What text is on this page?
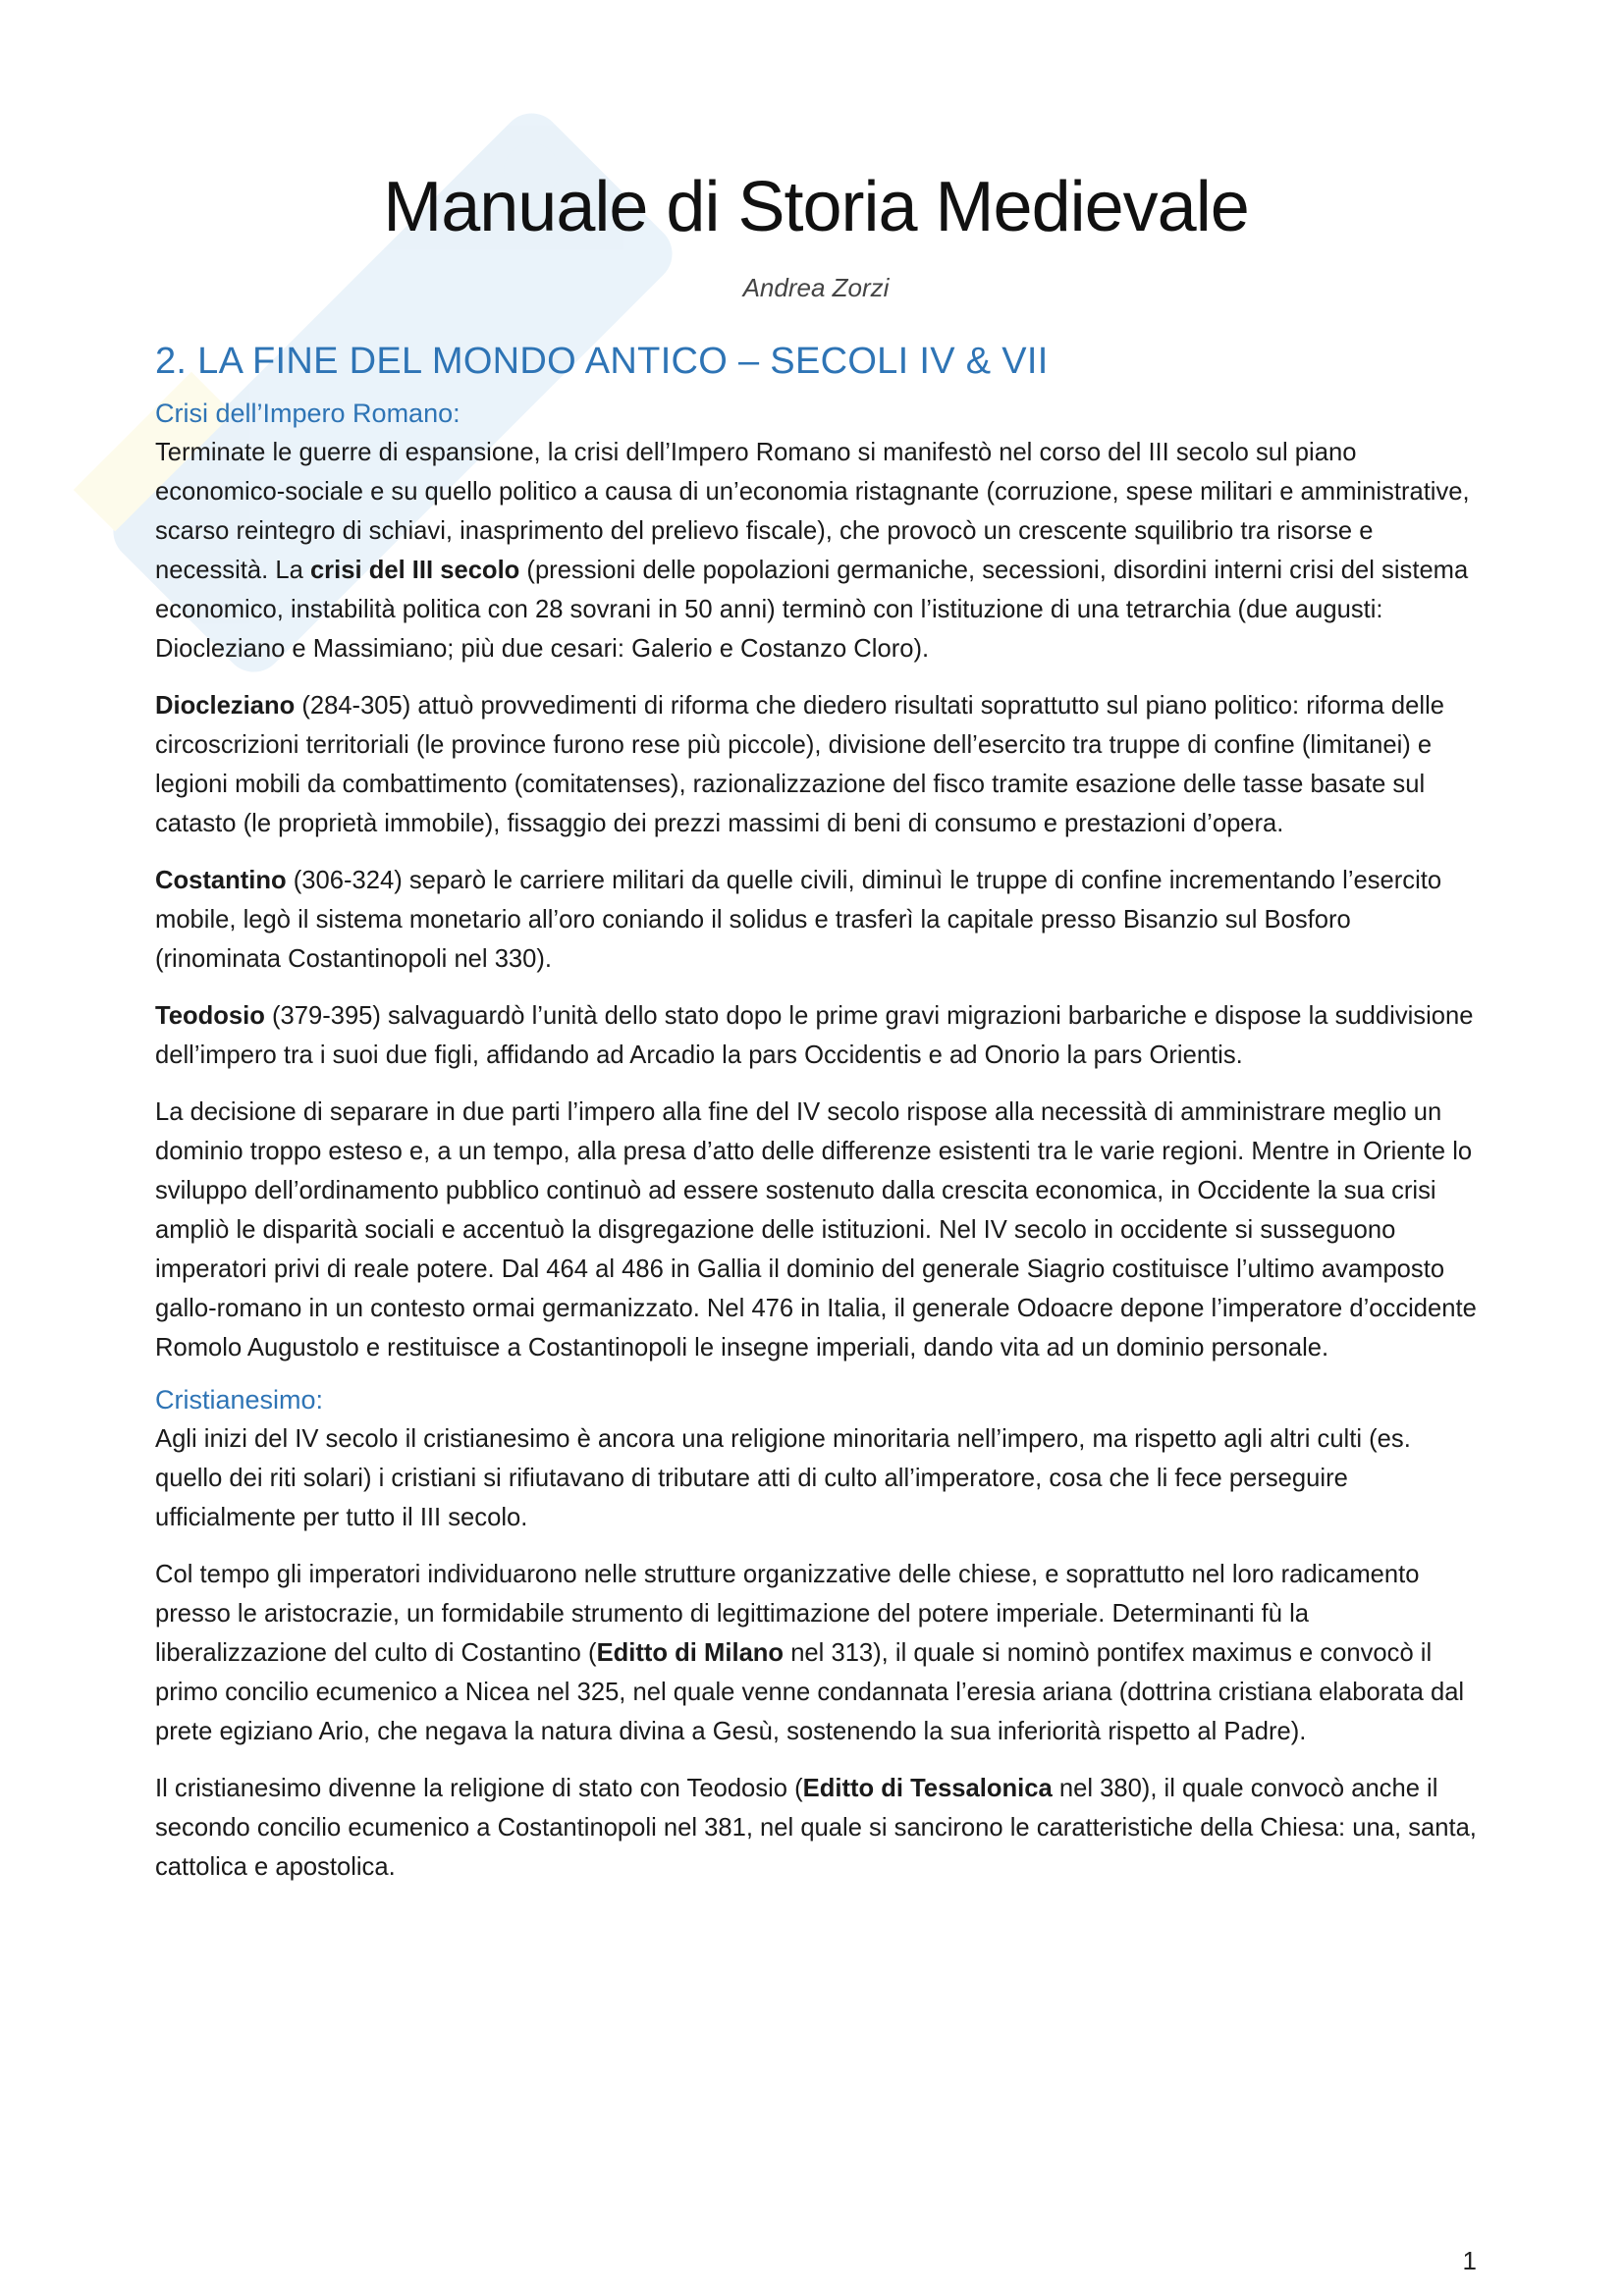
Manuale di Storia Medievale
Andrea Zorzi
2. LA FINE DEL MONDO ANTICO – SECOLI IV & VII
Crisi dell’Impero Romano:

Terminate le guerre di espansione, la crisi dell’Impero Romano si manifestò nel corso del III secolo sul piano economico-sociale e su quello politico a causa di un’economia ristagnante (corruzione, spese militari e amministrative, scarso reintegro di schiavi, inasprimento del prelievo fiscale), che provocò un crescente squilibrio tra risorse e necessità. La crisi del III secolo (pressioni delle popolazioni germaniche, secessioni, disordini interni crisi del sistema economico, instabilità politica con 28 sovrani in 50 anni) terminò con l’istituzione di una tetrarchia (due augusti: Diocleziano e Massimiano; più due cesari: Galerio e Costanzo Cloro).

Diocleziano (284-305) attuò provvedimenti di riforma che diedero risultati soprattutto sul piano politico: riforma delle circoscrizioni territoriali (le province furono rese più piccole), divisione dell’esercito tra truppe di confine (limitanei) e legioni mobili da combattimento (comitatenses), razionalizzazione del fisco tramite esazione delle tasse basate sul catasto (le proprietà immobile), fissaggio dei prezzi massimi di beni di consumo e prestazioni d’opera.

Costantino (306-324) separò le carriere militari da quelle civili, diminuì le truppe di confine incrementando l’esercito mobile, legò il sistema monetario all’oro coniando il solidus e trasferì la capitale presso Bisanzio sul Bosforo (rinominata Costantinopoli nel 330).

Teodosio (379-395) salvaguardò l’unità dello stato dopo le prime gravi migrazioni barbariche e dispose la suddivisione dell’impero tra i suoi due figli, affidando ad Arcadio la pars Occidentis e ad Onorio la pars Orientis.

La decisione di separare in due parti l’impero alla fine del IV secolo rispose alla necessità di amministrare meglio un dominio troppo esteso e, a un tempo, alla presa d’atto delle differenze esistenti tra le varie regioni. Mentre in Oriente lo sviluppo dell’ordinamento pubblico continuò ad essere sostenuto dalla crescita economica, in Occidente la sua crisi ampliò le disparità sociali e accentuò la disgregazione delle istituzioni. Nel IV secolo in occidente si susseguono imperatori privi di reale potere. Dal 464 al 486 in Gallia il dominio del generale Siagrio costituisce l’ultimo avamposto gallo-romano in un contesto ormai germanizzato. Nel 476 in Italia, il generale Odoacre depone l’imperatore d’occidente Romolo Augustolo e restituisce a Costantinopoli le insegne imperiali, dando vita ad un dominio personale.

Cristianesimo:

Agli inizi del IV secolo il cristianesimo è ancora una religione minoritaria nell’impero, ma rispetto agli altri culti (es. quello dei riti solari) i cristiani si rifiutavano di tributare atti di culto all’imperatore, cosa che li fece perseguire ufficialmente per tutto il III secolo.

Col tempo gli imperatori individuarono nelle strutture organizzative delle chiese, e soprattutto nel loro radicamento presso le aristocrazie, un formidabile strumento di legittimazione del potere imperiale. Determinanti fù la liberalizzazione del culto di Costantino (Editto di Milano nel 313), il quale si nominò pontifex maximus e convocò il primo concilio ecumenico a Nicea nel 325, nel quale venne condannata l’eresia ariana (dottrina cristiana elaborata dal prete egiziano Ario, che negava la natura divina a Gesù, sostenendo la sua inferiorità rispetto al Padre).

Il cristianesimo divenne la religione di stato con Teodosio (Editto di Tessalonica nel 380), il quale convocò anche il secondo concilio ecumenico a Costantinopoli nel 381, nel quale si sancirono le caratteristiche della Chiesa: una, santa, cattolica e apostolica.

1
